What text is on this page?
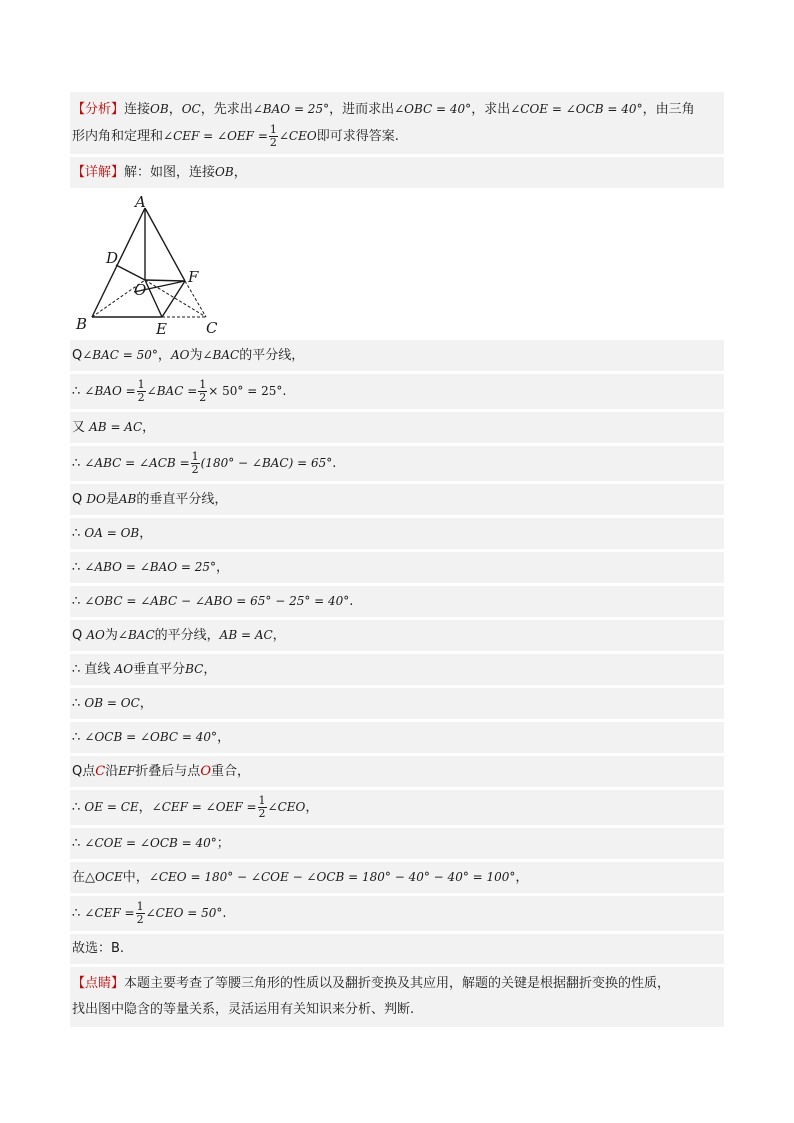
【分析】连接OB，OC，先求出∠BAO = 25°，进而求出∠OBC = 40°，求出∠COE = ∠OCB = 40°，由三角
形内角和定理和∠CEF = ∠OEF = $\frac{1}{2}$ ∠CEO即可求得答案.
【详解】解：如图，连接OB，
A
B	C
D
E
F
O
Q∠BAC = 50°，AO为∠BAC的平分线，
∴ ∠BAO = $\frac{1}{2}$ ∠BAC = $\frac{1}{2} \times 50^\circ = 25^\circ$.
又 AB = AC，
∴ ∠ABC = ∠ACB = $\frac{1}{2} (180^\circ$ − ∠BAC) = 65°.
Q DO是AB的垂直平分线，
∴ OA = OB，
∴ ∠ABO = ∠BAO = 25°，
∴ ∠OBC = ∠ABC − ∠ABO = 65° − 25° = 40°.
Q AO为∠BAC的平分线，AB = AC，
∴ 直线 AO垂直平分BC，
∴ OB = OC，
∴ ∠OCB = ∠OBC = 40°，
Q点C沿EF折叠后与点O重合，
∴ OE = CE，∠CEF = ∠OEF = $\frac{1}{2}$ ∠CEO，
∴ ∠COE = ∠OCB = 40°；
在△OCE中，∠CEO = 180° − ∠COE − ∠OCB = 180° − 40° − 40° = 100°，
∴ ∠CEF = $\frac{1}{2}$ ∠CEO = 50°.
故选：B.
【点睛】本题主要考查了等腰三角形的性质以及翻折变换及其应用，解题的关键是根据翻折变换的性质，
找出图中隐含的等量关系，灵活运用有关知识来分析、判断.
